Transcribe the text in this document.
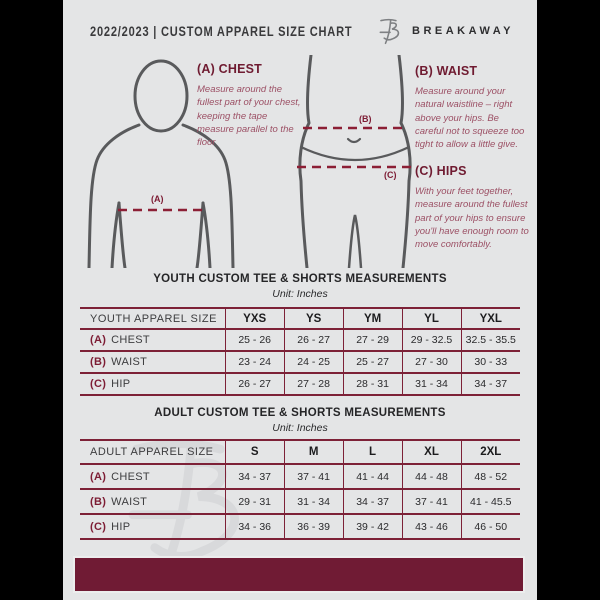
2022/2023 | CUSTOM APPAREL SIZE CHART	BREAKAWAY
(A)
(B)
(C)
(A) CHEST

Measure around the fullest part of your chest, keeping the tape measure parallel to the floor

(B) WAIST

Measure around your natural waistline – right above your hips. Be careful not to squeeze too tight to allow a little give.

(C) HIPS

With your feet together, measure around the fullest part of your hips to ensure you'll have enough room to move comfortably.

YOUTH CUSTOM TEE & SHORTS MEASUREMENTS
Unit: Inches
YOUTH APPAREL SIZE	YXS	YS	YM	YL	YXL
(A) CHEST	25 - 26	26 - 27	27 - 29	29 - 32.5	32.5 - 35.5
(B) WAIST	23 - 24	24 - 25	25 - 27	27 - 30	30 - 33
(C) HIP	26 - 27	27 - 28	28 - 31	31 - 34	34 - 37
ADULT CUSTOM TEE & SHORTS MEASUREMENTS
Unit: Inches
ADULT APPAREL SIZE	S	M	L	XL	2XL
(A) CHEST	34 - 37	37 - 41	41 - 44	44 - 48	48 - 52
(B) WAIST	29 - 31	31 - 34	34 - 37	37 - 41	41 - 45.5
(C) HIP	34 - 36	36 - 39	39 - 42	43 - 46	46 - 50
